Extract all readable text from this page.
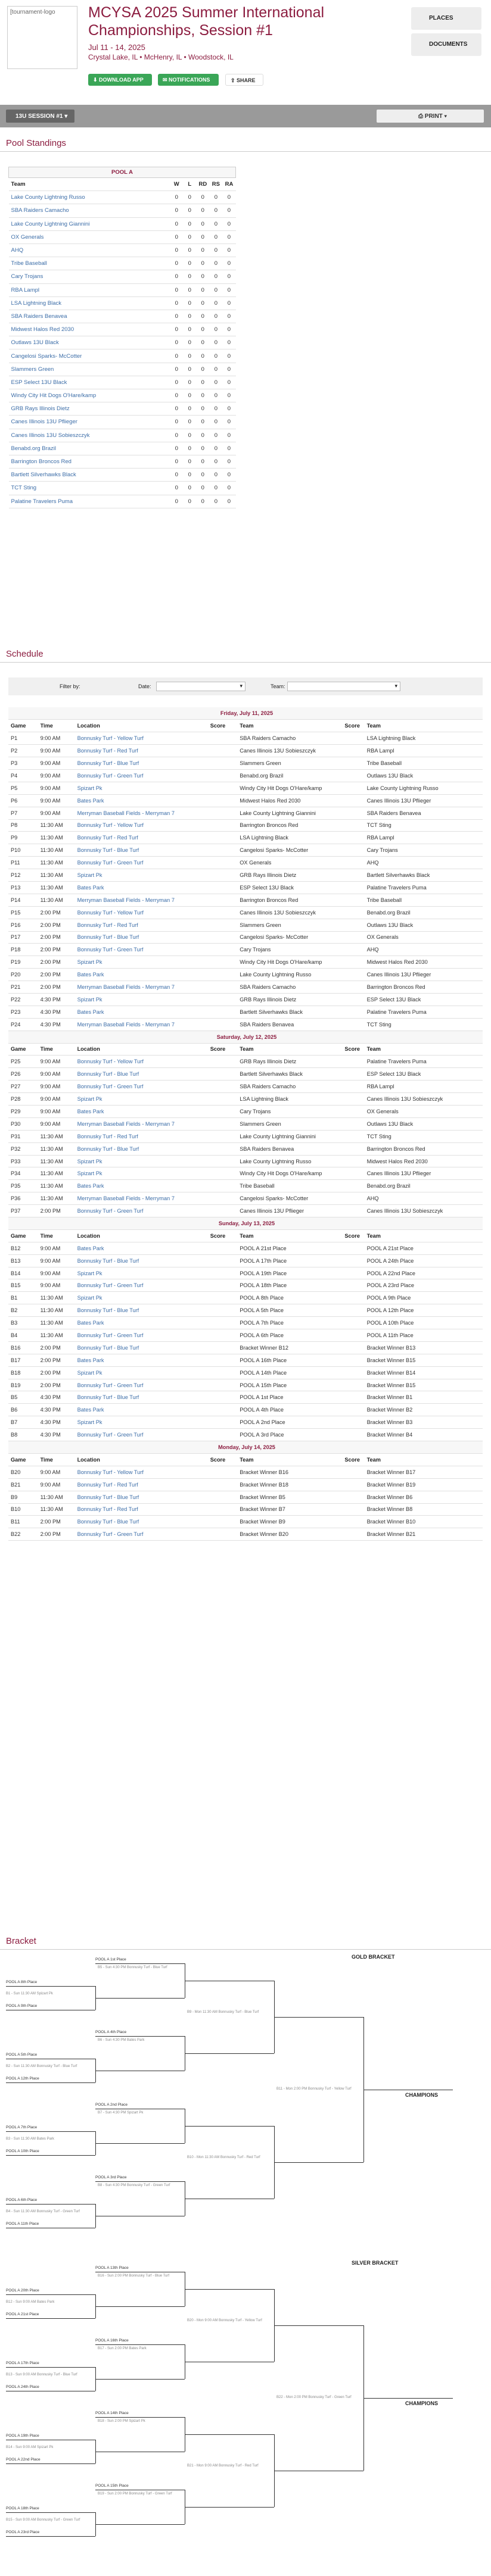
[tournament-logo	MCYSA 2025 Summer International Championships, Session #1
Jul 11 - 14, 2025
Crystal Lake, IL • McHenry, IL • Woodstock, IL
⬇ DOWNLOAD APP	✉ NOTIFICATIONS	⇪ SHARE
PLACES
DOCUMENTS
13U SESSION #1 ▾	⎙ PRINT ▾
Pool Standings
POOL A					
Team	W	L	RD	RS	RA
Lake County Lightning Russo	0	0	0	0	0
SBA Raiders Camacho	0	0	0	0	0
Lake County Lightning Giannini	0	0	0	0	0
OX Generals	0	0	0	0	0
AHQ	0	0	0	0	0
Tribe Baseball	0	0	0	0	0
Cary Trojans	0	0	0	0	0
RBA Lampl	0	0	0	0	0
LSA Lightning Black	0	0	0	0	0
SBA Raiders Benavea	0	0	0	0	0
Midwest Halos Red 2030	0	0	0	0	0
Outlaws 13U Black	0	0	0	0	0
Cangelosi Sparks- McCotter	0	0	0	0	0
Slammers Green	0	0	0	0	0
ESP Select 13U Black	0	0	0	0	0
Windy City Hit Dogs O'Hare/kamp	0	0	0	0	0
GRB Rays Illinois Dietz	0	0	0	0	0
Canes Illinois 13U Pflieger	0	0	0	0	0
Canes Illinois 13U Sobieszczyk	0	0	0	0	0
Benabd.org Brazil	0	0	0	0	0
Barrington Broncos Red	0	0	0	0	0
Bartlett Silverhawks Black	0	0	0	0	0
TCT Sting	0	0	0	0	0
Palatine Travelers Puma	0	0	0	0	0
Schedule
Filter by:	Date:	▾	Team:	▾
Friday, July 11, 2025						
Game	Time	Location	Score	Team	Score	Team
P1	9:00 AM	Bonnusky Turf - Yellow Turf		SBA Raiders Camacho		LSA Lightning Black
P2	9:00 AM	Bonnusky Turf - Red Turf		Canes Illinois 13U Sobieszczyk		RBA Lampl
P3	9:00 AM	Bonnusky Turf - Blue Turf		Slammers Green		Tribe Baseball
P4	9:00 AM	Bonnusky Turf - Green Turf		Benabd.org Brazil		Outlaws 13U Black
P5	9:00 AM	Spizart Pk		Windy City Hit Dogs O'Hare/kamp		Lake County Lightning Russo
P6	9:00 AM	Bates Park		Midwest Halos Red 2030		Canes Illinois 13U Pflieger
P7	9:00 AM	Merryman Baseball Fields - Merryman 7		Lake County Lightning Giannini		SBA Raiders Benavea
P8	11:30 AM	Bonnusky Turf - Yellow Turf		Barrington Broncos Red		TCT Sting
P9	11:30 AM	Bonnusky Turf - Red Turf		LSA Lightning Black		RBA Lampl
P10	11:30 AM	Bonnusky Turf - Blue Turf		Cangelosi Sparks- McCotter		Cary Trojans
P11	11:30 AM	Bonnusky Turf - Green Turf		OX Generals		AHQ
P12	11:30 AM	Spizart Pk		GRB Rays Illinois Dietz		Bartlett Silverhawks Black
P13	11:30 AM	Bates Park		ESP Select 13U Black		Palatine Travelers Puma
P14	11:30 AM	Merryman Baseball Fields - Merryman 7		Barrington Broncos Red		Tribe Baseball
P15	2:00 PM	Bonnusky Turf - Yellow Turf		Canes Illinois 13U Sobieszczyk		Benabd.org Brazil
P16	2:00 PM	Bonnusky Turf - Red Turf		Slammers Green		Outlaws 13U Black
P17	2:00 PM	Bonnusky Turf - Blue Turf		Cangelosi Sparks- McCotter		OX Generals
P18	2:00 PM	Bonnusky Turf - Green Turf		Cary Trojans		AHQ
P19	2:00 PM	Spizart Pk		Windy City Hit Dogs O'Hare/kamp		Midwest Halos Red 2030
P20	2:00 PM	Bates Park		Lake County Lightning Russo		Canes Illinois 13U Pflieger
P21	2:00 PM	Merryman Baseball Fields - Merryman 7		SBA Raiders Camacho		Barrington Broncos Red
P22	4:30 PM	Spizart Pk		GRB Rays Illinois Dietz		ESP Select 13U Black
P23	4:30 PM	Bates Park		Bartlett Silverhawks Black		Palatine Travelers Puma
P24	4:30 PM	Merryman Baseball Fields - Merryman 7		SBA Raiders Benavea		TCT Sting
Saturday, July 12, 2025						
Game	Time	Location	Score	Team	Score	Team
P25	9:00 AM	Bonnusky Turf - Yellow Turf		GRB Rays Illinois Dietz		Palatine Travelers Puma
P26	9:00 AM	Bonnusky Turf - Blue Turf		Bartlett Silverhawks Black		ESP Select 13U Black
P27	9:00 AM	Bonnusky Turf - Green Turf		SBA Raiders Camacho		RBA Lampl
P28	9:00 AM	Spizart Pk		LSA Lightning Black		Canes Illinois 13U Sobieszczyk
P29	9:00 AM	Bates Park		Cary Trojans		OX Generals
P30	9:00 AM	Merryman Baseball Fields - Merryman 7		Slammers Green		Outlaws 13U Black
P31	11:30 AM	Bonnusky Turf - Red Turf		Lake County Lightning Giannini		TCT Sting
P32	11:30 AM	Bonnusky Turf - Blue Turf		SBA Raiders Benavea		Barrington Broncos Red
P33	11:30 AM	Spizart Pk		Lake County Lightning Russo		Midwest Halos Red 2030
P34	11:30 AM	Spizart Pk		Windy City Hit Dogs O'Hare/kamp		Canes Illinois 13U Pflieger
P35	11:30 AM	Bates Park		Tribe Baseball		Benabd.org Brazil
P36	11:30 AM	Merryman Baseball Fields - Merryman 7		Cangelosi Sparks- McCotter		AHQ
P37	2:00 PM	Bonnusky Turf - Green Turf		Canes Illinois 13U Pflieger		Canes Illinois 13U Sobieszczyk
Sunday, July 13, 2025						
Game	Time	Location	Score	Team	Score	Team
B12	9:00 AM	Bates Park		POOL A 21st Place		POOL A 21st Place
B13	9:00 AM	Bonnusky Turf - Blue Turf		POOL A 17th Place		POOL A 24th Place
B14	9:00 AM	Spizart Pk		POOL A 19th Place		POOL A 22nd Place
B15	9:00 AM	Bonnusky Turf - Green Turf		POOL A 18th Place		POOL A 23rd Place
B1	11:30 AM	Spizart Pk		POOL A 8th Place		POOL A 9th Place
B2	11:30 AM	Bonnusky Turf - Blue Turf		POOL A 5th Place		POOL A 12th Place
B3	11:30 AM	Bates Park		POOL A 7th Place		POOL A 10th Place
B4	11:30 AM	Bonnusky Turf - Green Turf		POOL A 6th Place		POOL A 11th Place
B16	2:00 PM	Bonnusky Turf - Blue Turf		Bracket Winner B12		Bracket Winner B13
B17	2:00 PM	Bates Park		POOL A 16th Place		Bracket Winner B15
B18	2:00 PM	Spizart Pk		POOL A 14th Place		Bracket Winner B14
B19	2:00 PM	Bonnusky Turf - Green Turf		POOL A 15th Place		Bracket Winner B15
B5	4:30 PM	Bonnusky Turf - Blue Turf		POOL A 1st Place		Bracket Winner B1
B6	4:30 PM	Bates Park		POOL A 4th Place		Bracket Winner B2
B7	4:30 PM	Spizart Pk		POOL A 2nd Place		Bracket Winner B3
B8	4:30 PM	Bonnusky Turf - Green Turf		POOL A 3rd Place		Bracket Winner B4
Monday, July 14, 2025						
Game	Time	Location	Score	Team	Score	Team
B20	9:00 AM	Bonnusky Turf - Yellow Turf		Bracket Winner B16		Bracket Winner B17
B21	9:00 AM	Bonnusky Turf - Red Turf		Bracket Winner B18		Bracket Winner B19
B9	11:30 AM	Bonnusky Turf - Blue Turf		Bracket Winner B5		Bracket Winner B6
B10	11:30 AM	Bonnusky Turf - Red Turf		Bracket Winner B7		Bracket Winner B8
B11	2:00 PM	Bonnusky Turf - Blue Turf		Bracket Winner B9		Bracket Winner B10
B22	2:00 PM	Bonnusky Turf - Green Turf		Bracket Winner B20		Bracket Winner B21
Bracket
GOLD BRACKET
POOL A 1st Place
POOL A 8th Place
B1 - Sun 11:30 AM Spizart Pk
POOL A 9th Place
B5 - Sun 4:30 PM Bonnusky Turf - Blue Turf
POOL A 4th Place
POOL A 5th Place
B2 - Sun 11:30 AM Bonnusky Turf - Blue Turf
POOL A 12th Place
B6 - Sun 4:30 PM Bates Park
POOL A 2nd Place
POOL A 7th Place
B3 - Sun 11:30 AM Bates Park
POOL A 10th Place
B7 - Sun 4:30 PM Spizart Pk
POOL A 3rd Place
POOL A 6th Place
B4 - Sun 11:30 AM Bonnusky Turf - Green Turf
POOL A 11th Place
B8 - Sun 4:30 PM Bonnusky Turf - Green Turf
B9 - Mon 11:30 AM Bonnusky Turf - Blue Turf
B10 - Mon 11:30 AM Bonnusky Turf - Red Turf
B11 - Mon 2:00 PM Bonnusky Turf - Yellow Turf
CHAMPIONS
SILVER BRACKET
POOL A 13th Place
POOL A 20th Place
B12 - Sun 9:00 AM Bates Park
POOL A 21st Place
B16 - Sun 2:00 PM Bonnusky Turf - Blue Turf
POOL A 16th Place
POOL A 17th Place
B13 - Sun 9:00 AM Bonnusky Turf - Blue Turf
POOL A 24th Place
B17 - Sun 2:00 PM Bates Park
POOL A 14th Place
POOL A 19th Place
B14 - Sun 9:00 AM Spizart Pk
POOL A 22nd Place
B18 - Sun 2:00 PM Spizart Pk
POOL A 15th Place
POOL A 18th Place
B15 - Sun 9:00 AM Bonnusky Turf - Green Turf
POOL A 23rd Place
B19 - Sun 2:00 PM Bonnusky Turf - Green Turf
B20 - Mon 9:00 AM Bonnusky Turf - Yellow Turf
B21 - Mon 9:00 AM Bonnusky Turf - Red Turf
B22 - Mon 2:00 PM Bonnusky Turf - Green Turf
CHAMPIONS
